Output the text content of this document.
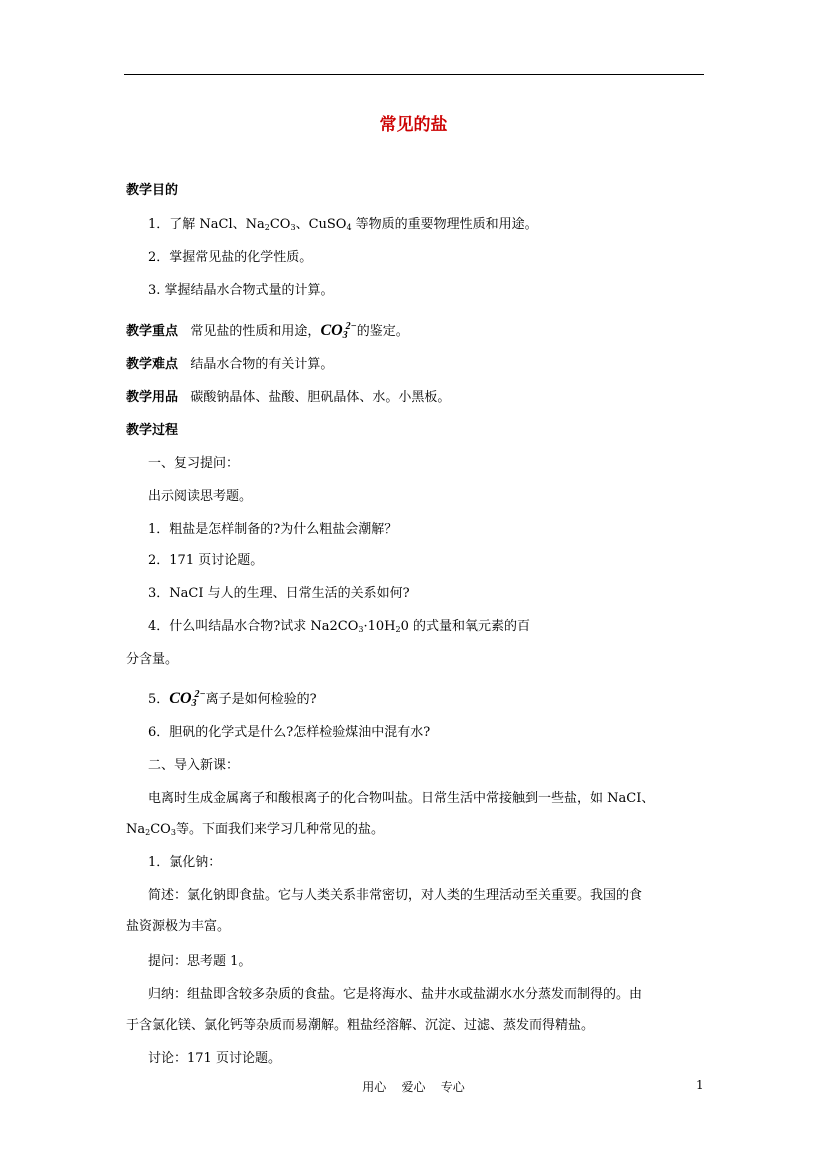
常见的盐
教学目的
1．了解 NaCl、$Na_2CO_3$、CuSO$_4$ 等物质的重要物理性质和用途。
2．掌握常见盐的化学性质。
3. 掌握结晶水合物式量的计算。
教学重点 常见盐的性质和用途，$CO_3^{2-}$的鉴定。
教学难点 结晶水合物的有关计算。
教学用品 碳酸钠晶体、盐酸、胆矾晶体、水。小黑板。
教学过程
一、复习提问：
出示阅读思考题。
1．粗盐是怎样制备的?为什么粗盐会潮解？
2．171 页讨论题。
3．NaCI 与人的生理、日常生活的关系如何?
4．什么叫结晶水合物?试求 $Na2CO_3\cdot 10H_20$ 的式量和氧元素的百
分含量。
5．$CO_3^{2-}$离子是如何检验的?
6．胆矾的化学式是什么?怎样检验煤油中混有水?
二、导入新课：
电离时生成金属离子和酸根离子的化合物叫盐。日常生活中常接触到一些盐，如 NaCI、
$Na_2CO_3$等。下面我们来学习几种常见的盐。
1．氯化钠：
简述：氯化钠即食盐。它与人类关系非常密切，对人类的生理活动至关重要。我国的食
盐资源极为丰富。
提问：思考题 1。
归纳：组盐即含较多杂质的食盐。它是将海水、盐井水或盐湖水水分蒸发而制得的。由
于含氯化镁、氯化钙等杂质而易潮解。粗盐经溶解、沉淀、过滤、蒸发而得精盐。
讨论：171 页讨论题。
用心    爱心    专心	1
